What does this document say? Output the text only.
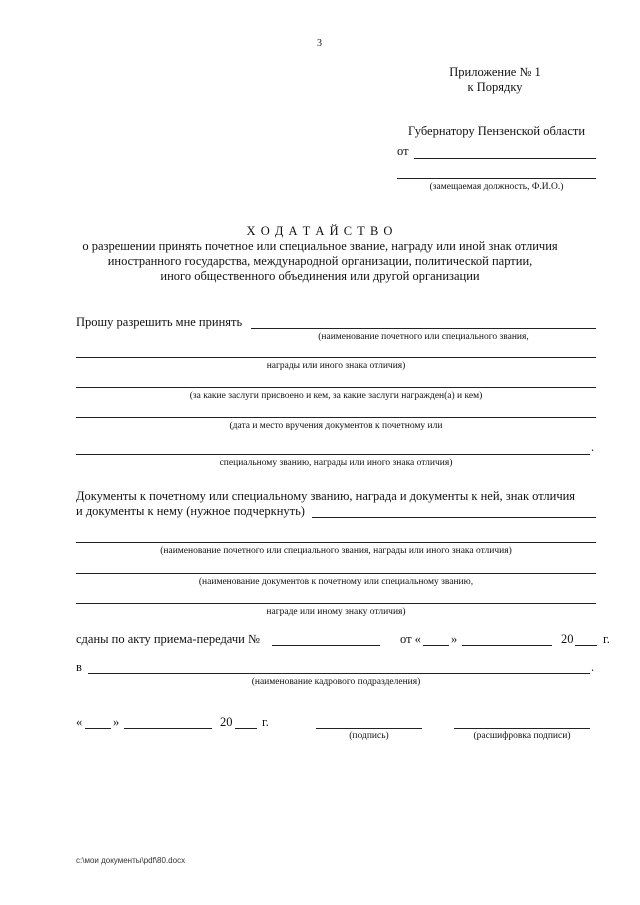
3
Приложение № 1
к Порядку
Губернатору Пензенской области
от
(замещаемая должность, Ф.И.О.)
Х О Д А Т А Й С Т В О
о разрешении принять почетное или специальное звание, награду или иной знак отличия
иностранного государства, международной организации, политической партии,
иного общественного объединения или другой организации
Прошу разрешить мне принять
(наименование почетного или специального звания,
награды или иного знака отличия)
(за какие заслуги присвоено и кем, за какие заслуги награжден(а) и кем)
(дата и место вручения документов к почетному или
.
специальному званию, награды или иного знака отличия)
Документы к почетному или специальному званию, награда и документы к ней, знак отличия
и документы к нему (нужное подчеркнуть)
(наименование почетного или специального звания, награды или иного знака отличия)
(наименование документов к почетному или специальному званию,
награде или иному знаку отличия)
сданы по акту приема-передачи №	от « »	20 г.
в	.
(наименование кадрового подразделения)
« »	20 г.
(подпись)	(расшифровка подписи)
c:\мои документы\pdf\80.docx
